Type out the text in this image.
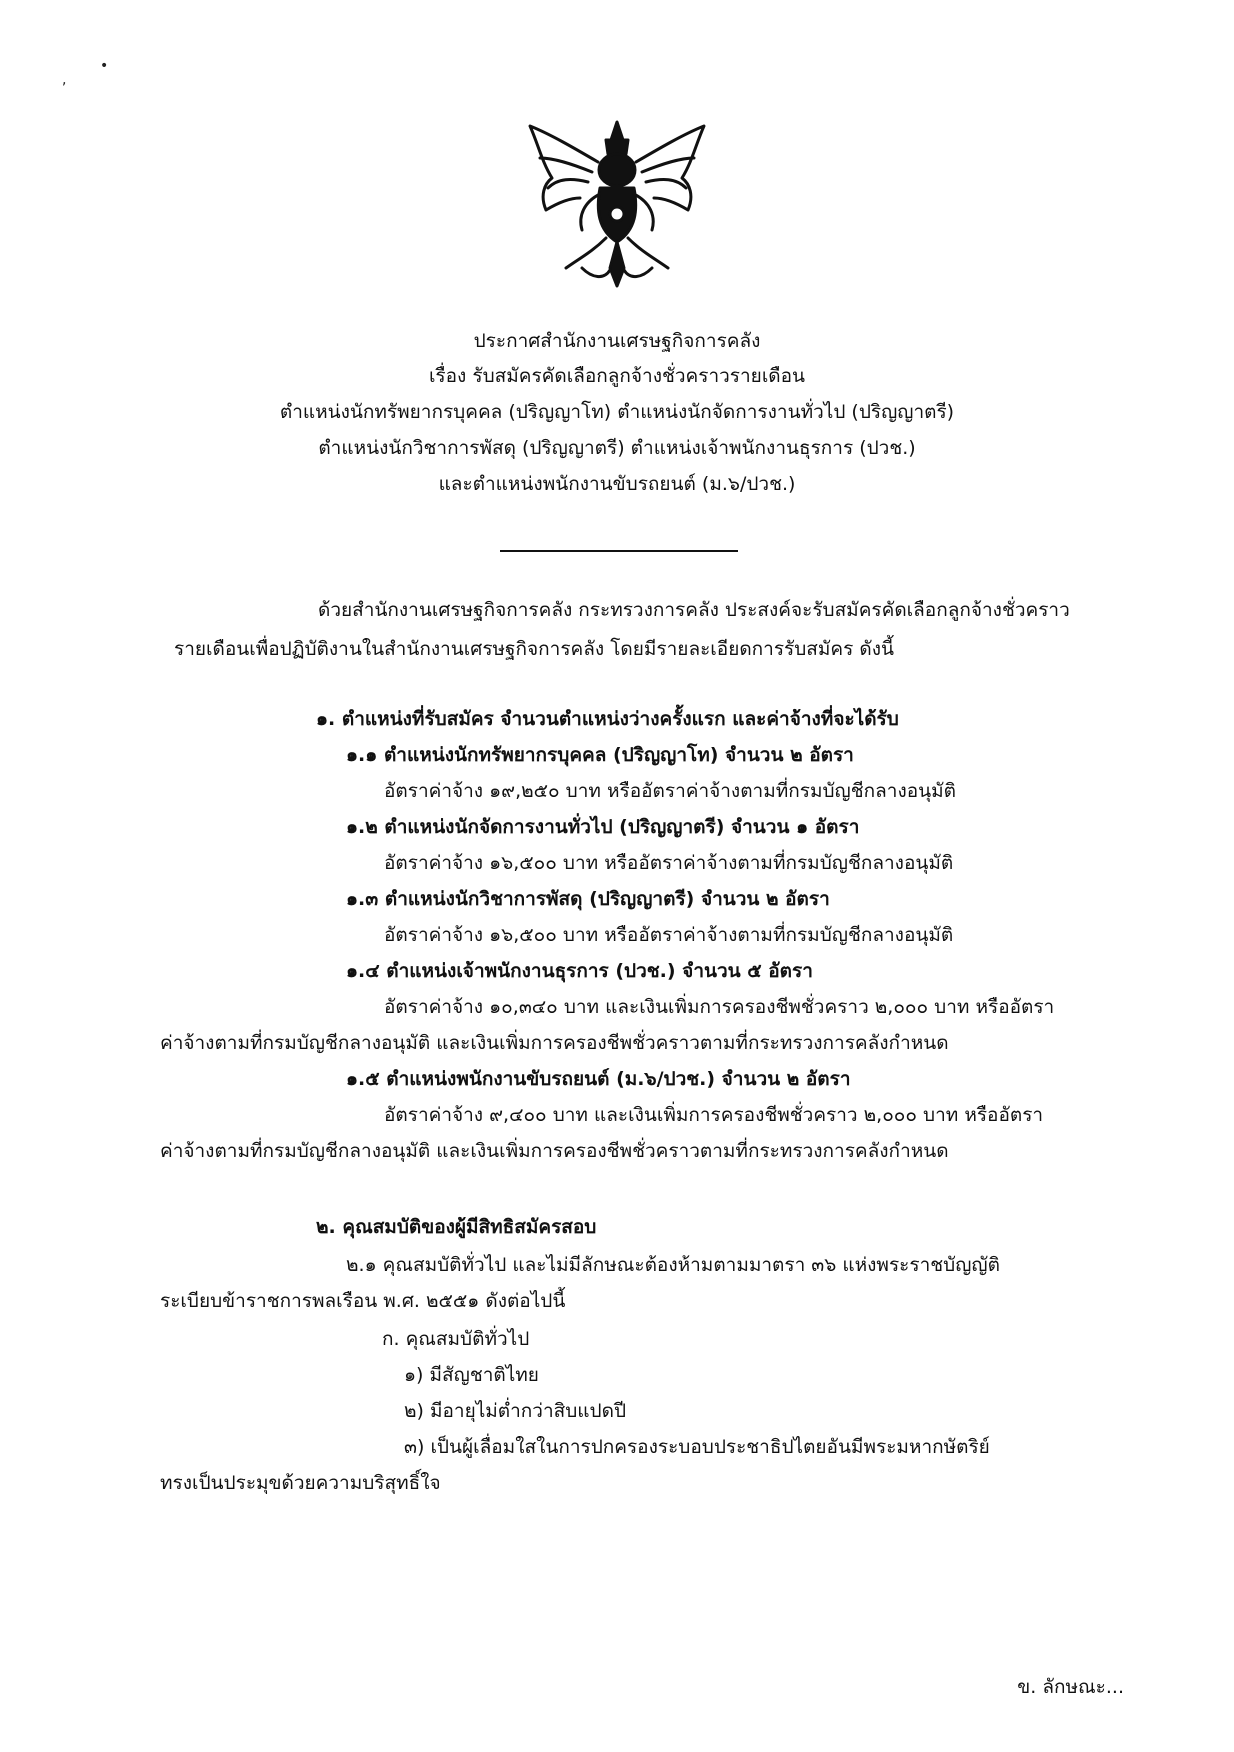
,
•
ประกาศสำนักงานเศรษฐกิจการคลัง
เรื่อง รับสมัครคัดเลือกลูกจ้างชั่วคราวรายเดือน
ตำแหน่งนักทรัพยากรบุคคล (ปริญญาโท) ตำแหน่งนักจัดการงานทั่วไป (ปริญญาตรี)
ตำแหน่งนักวิชาการพัสดุ (ปริญญาตรี) ตำแหน่งเจ้าพนักงานธุรการ (ปวช.)
และตำแหน่งพนักงานขับรถยนต์ (ม.๖/ปวช.)
ด้วยสำนักงานเศรษฐกิจการคลัง กระทรวงการคลัง ประสงค์จะรับสมัครคัดเลือกลูกจ้างชั่วคราว
รายเดือนเพื่อปฏิบัติงานในสำนักงานเศรษฐกิจการคลัง โดยมีรายละเอียดการรับสมัคร ดังนี้
๑. ตำแหน่งที่รับสมัคร จำนวนตำแหน่งว่างครั้งแรก และค่าจ้างที่จะได้รับ
๑.๑ ตำแหน่งนักทรัพยากรบุคคล (ปริญญาโท) จำนวน ๒ อัตรา
อัตราค่าจ้าง ๑๙,๒๕๐ บาท หรืออัตราค่าจ้างตามที่กรมบัญชีกลางอนุมัติ
๑.๒ ตำแหน่งนักจัดการงานทั่วไป (ปริญญาตรี) จำนวน ๑ อัตรา
อัตราค่าจ้าง ๑๖,๕๐๐ บาท หรืออัตราค่าจ้างตามที่กรมบัญชีกลางอนุมัติ
๑.๓ ตำแหน่งนักวิชาการพัสดุ (ปริญญาตรี) จำนวน ๒ อัตรา
อัตราค่าจ้าง ๑๖,๕๐๐ บาท หรืออัตราค่าจ้างตามที่กรมบัญชีกลางอนุมัติ
๑.๔ ตำแหน่งเจ้าพนักงานธุรการ (ปวช.) จำนวน ๕ อัตรา
อัตราค่าจ้าง ๑๐,๓๔๐ บาท และเงินเพิ่มการครองชีพชั่วคราว ๒,๐๐๐ บาท หรืออัตรา
ค่าจ้างตามที่กรมบัญชีกลางอนุมัติ และเงินเพิ่มการครองชีพชั่วคราวตามที่กระทรวงการคลังกำหนด
๑.๕ ตำแหน่งพนักงานขับรถยนต์ (ม.๖/ปวช.) จำนวน ๒ อัตรา
อัตราค่าจ้าง ๙,๔๐๐ บาท และเงินเพิ่มการครองชีพชั่วคราว ๒,๐๐๐ บาท หรืออัตรา
ค่าจ้างตามที่กรมบัญชีกลางอนุมัติ และเงินเพิ่มการครองชีพชั่วคราวตามที่กระทรวงการคลังกำหนด
๒. คุณสมบัติของผู้มีสิทธิสมัครสอบ
๒.๑ คุณสมบัติทั่วไป และไม่มีลักษณะต้องห้ามตามมาตรา ๓๖ แห่งพระราชบัญญัติ
ระเบียบข้าราชการพลเรือน พ.ศ. ๒๕๕๑ ดังต่อไปนี้
ก. คุณสมบัติทั่วไป
๑) มีสัญชาติไทย
๒) มีอายุไม่ต่ำกว่าสิบแปดปี
๓) เป็นผู้เลื่อมใสในการปกครองระบอบประชาธิปไตยอันมีพระมหากษัตริย์
ทรงเป็นประมุขด้วยความบริสุทธิ์ใจ
ข. ลักษณะ...
